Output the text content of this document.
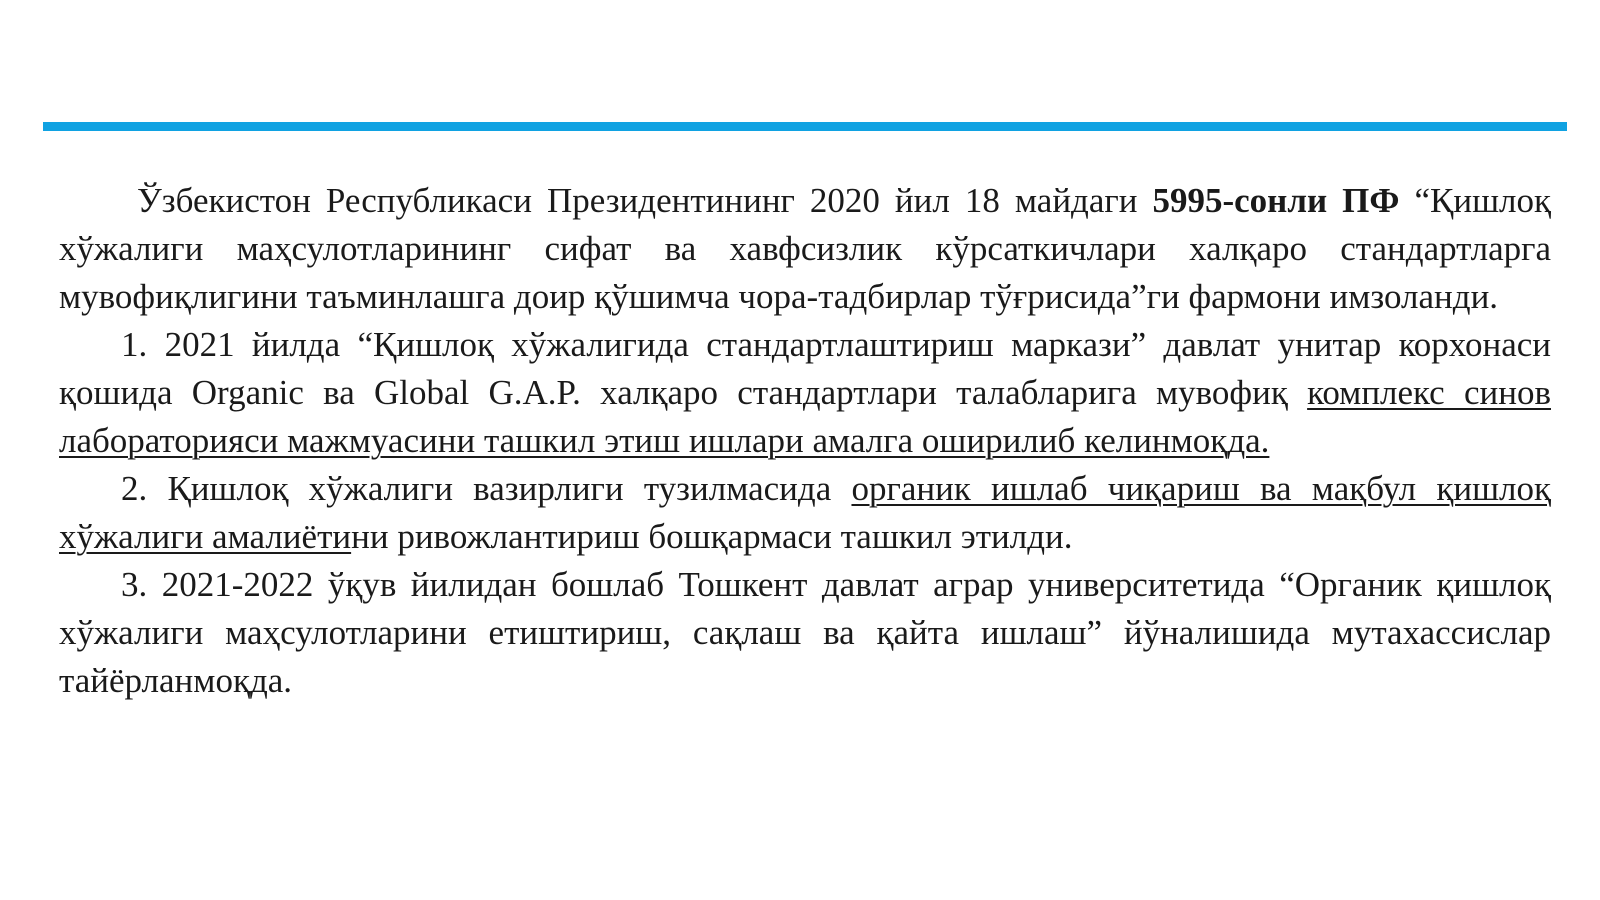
Ўзбекистон Республикаси Президентининг 2020 йил 18 майдаги 5995-сонли ПФ “Қишлоқ хўжалиги маҳсулотларининг сифат ва хавфсизлик кўрсаткичлари халқаро стандартларга мувофиқлигини таъминлашга доир қўшимча чора-тадбирлар тўғрисида”ги фармони имзоланди.

1. 2021 йилда “Қишлоқ хўжалигида стандартлаштириш маркази” давлат унитар корхонаси қошида Organic ва Global G.A.P. халқаро стандартлари талабларига мувофиқ комплекс синов лабораторияси мажмуасини ташкил этиш ишлари амалга оширилиб келинмоқда.

2. Қишлоқ хўжалиги вазирлиги тузилмасида органик ишлаб чиқариш ва мақбул қишлоқ хўжалиги амалиётини ривожлантириш бошқармаси ташкил этилди.

3. 2021-2022 ўқув йилидан бошлаб Тошкент давлат аграр университетида “Органик қишлоқ хўжалиги маҳсулотларини етиштириш, сақлаш ва қайта ишлаш” йўналишида мутахассислар тайёрланмоқда.
